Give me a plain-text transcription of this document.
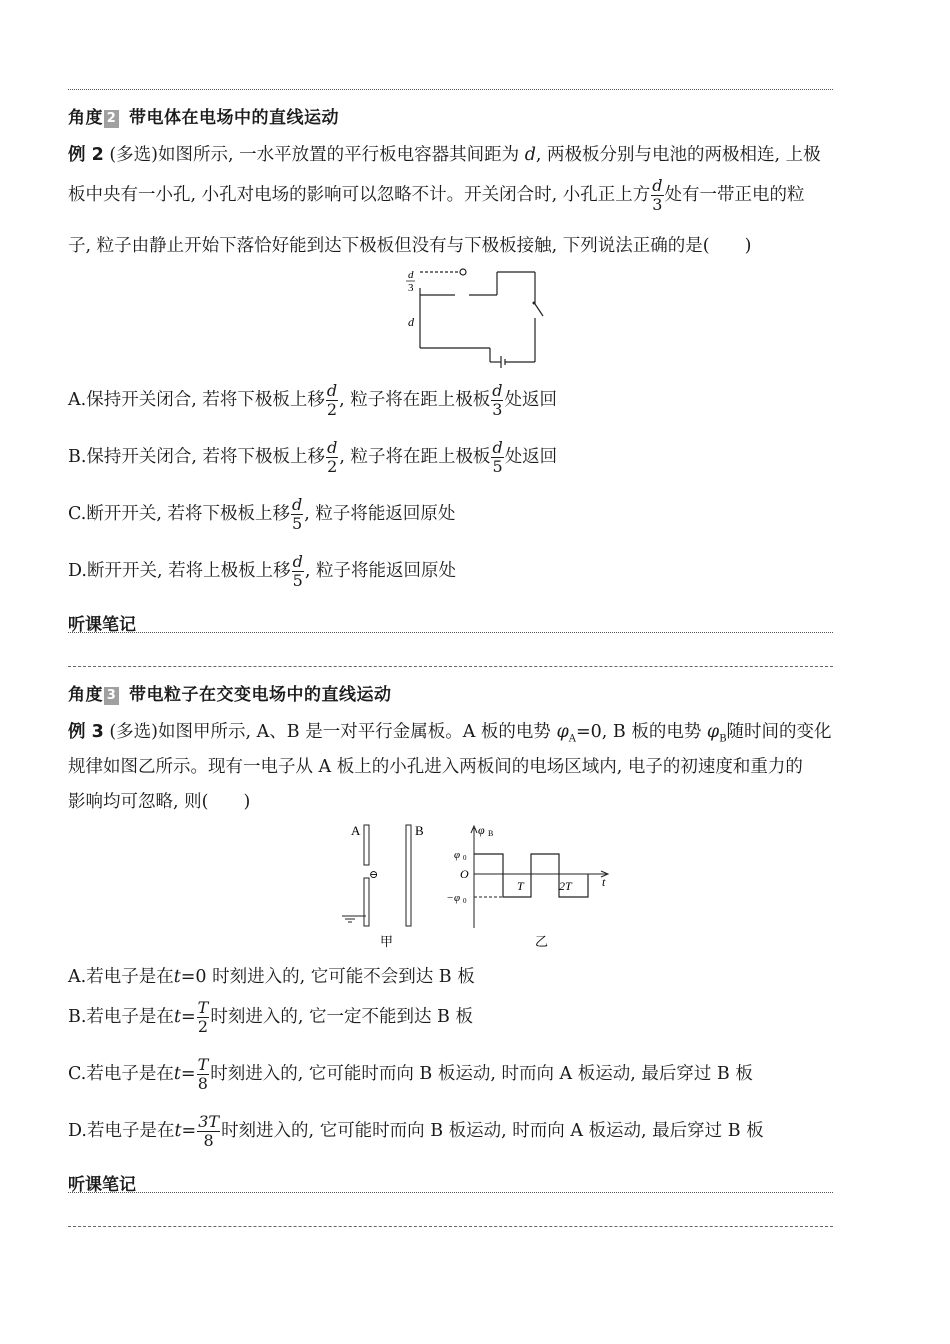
角度 2 带电体在电场中的直线运动
例 2 (多选)如图所示, 一水平放置的平行板电容器其间距为 d, 两极板分别与电池的两极相连, 上极
板中央有一小孔, 小孔对电场的影响可以忽略不计。开关闭合时, 小孔正上方 $\frac{d}{3}$ 处有一带正电的粒
子, 粒子由静止开始下落恰好能到达下极板但没有与下极板接触, 下列说法正确的是(　　)
d
3
d
A.保持开关闭合, 若将下极板上移 $\frac{d}{2}$ , 粒子将在距上极板 $\frac{d}{3}$ 处返回
B.保持开关闭合, 若将下极板上移 $\frac{d}{2}$ , 粒子将在距上极板 $\frac{d}{5}$ 处返回
C.断开开关, 若将下极板上移 $\frac{d}{5}$ , 粒子将能返回原处
D.断开开关, 若将上极板上移 $\frac{d}{5}$ , 粒子将能返回原处
听课笔记
角度 3 带电粒子在交变电场中的直线运动
例 3 (多选)如图甲所示, A、B 是一对平行金属板。A 板的电势 $\varphi_A=0$, B 板的电势 $\varphi_B$随时间的变化
规律如图乙所示。现有一电子从 A 板上的小孔进入两板间的电场区域内, 电子的初速度和重力的
影响均可忽略, 则(　　)
A	B
⊖
甲
φ B
φ 0
O
− φ 0
T	2T	t
乙
A.若电子是在t=0 时刻进入的, 它可能不会到达 B 板
B.若电子是在$t= \frac{T}{2}$ 时刻进入的, 它一定不能到达 B 板
C.若电子是在$t= \frac{T}{8}$ 时刻进入的, 它可能时而向 B 板运动, 时而向 A 板运动, 最后穿过 B 板
D.若电子是在$t= \frac{3T}{8}$ 时刻进入的, 它可能时而向 B 板运动, 时而向 A 板运动, 最后穿过 B 板
听课笔记
